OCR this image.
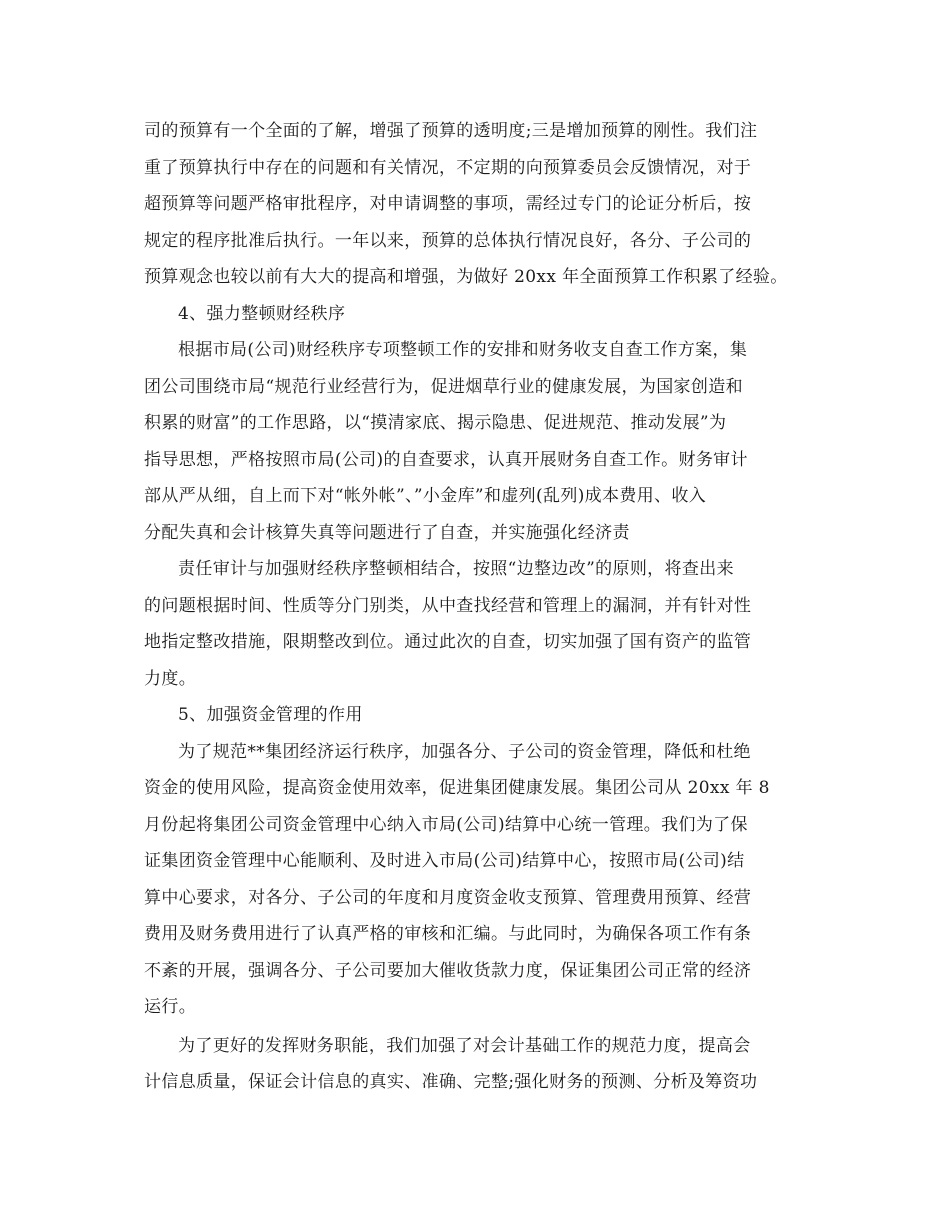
司的预算有一个全面的了解，增强了预算的透明度;三是增加预算的刚性。我们注
重了预算执行中存在的问题和有关情况，不定期的向预算委员会反馈情况，对于
超预算等问题严格审批程序，对申请调整的事项，需经过专门的论证分析后，按
规定的程序批准后执行。一年以来，预算的总体执行情况良好，各分、子公司的
预算观念也较以前有大大的提高和增强，为做好 20xx 年全面预算工作积累了经验。
4、强力整顿财经秩序
根据市局(公司)财经秩序专项整顿工作的安排和财务收支自查工作方案，集
团公司围绕市局“规范行业经营行为，促进烟草行业的健康发展，为国家创造和
积累的财富”的工作思路，以“摸清家底、揭示隐患、促进规范、推动发展”为
指导思想，严格按照市局(公司)的自查要求，认真开展财务自查工作。财务审计
部从严从细，自上而下对“帐外帐”、”小金库”和虚列(乱列)成本费用、收入
分配失真和会计核算失真等问题进行了自查，并实施强化经济责
责任审计与加强财经秩序整顿相结合，按照“边整边改”的原则，将查出来
的问题根据时间、性质等分门别类，从中查找经营和管理上的漏洞，并有针对性
地指定整改措施，限期整改到位。通过此次的自查，切实加强了国有资产的监管
力度。
5、加强资金管理的作用
为了规范**集团经济运行秩序，加强各分、子公司的资金管理，降低和杜绝
资金的使用风险，提高资金使用效率，促进集团健康发展。集团公司从 20xx 年 8
月份起将集团公司资金管理中心纳入市局(公司)结算中心统一管理。我们为了保
证集团资金管理中心能顺利、及时进入市局(公司)结算中心，按照市局(公司)结
算中心要求，对各分、子公司的年度和月度资金收支预算、管理费用预算、经营
费用及财务费用进行了认真严格的审核和汇编。与此同时，为确保各项工作有条
不紊的开展，强调各分、子公司要加大催收货款力度，保证集团公司正常的经济
运行。
为了更好的发挥财务职能，我们加强了对会计基础工作的规范力度，提高会
计信息质量，保证会计信息的真实、准确、完整;强化财务的预测、分析及筹资功
